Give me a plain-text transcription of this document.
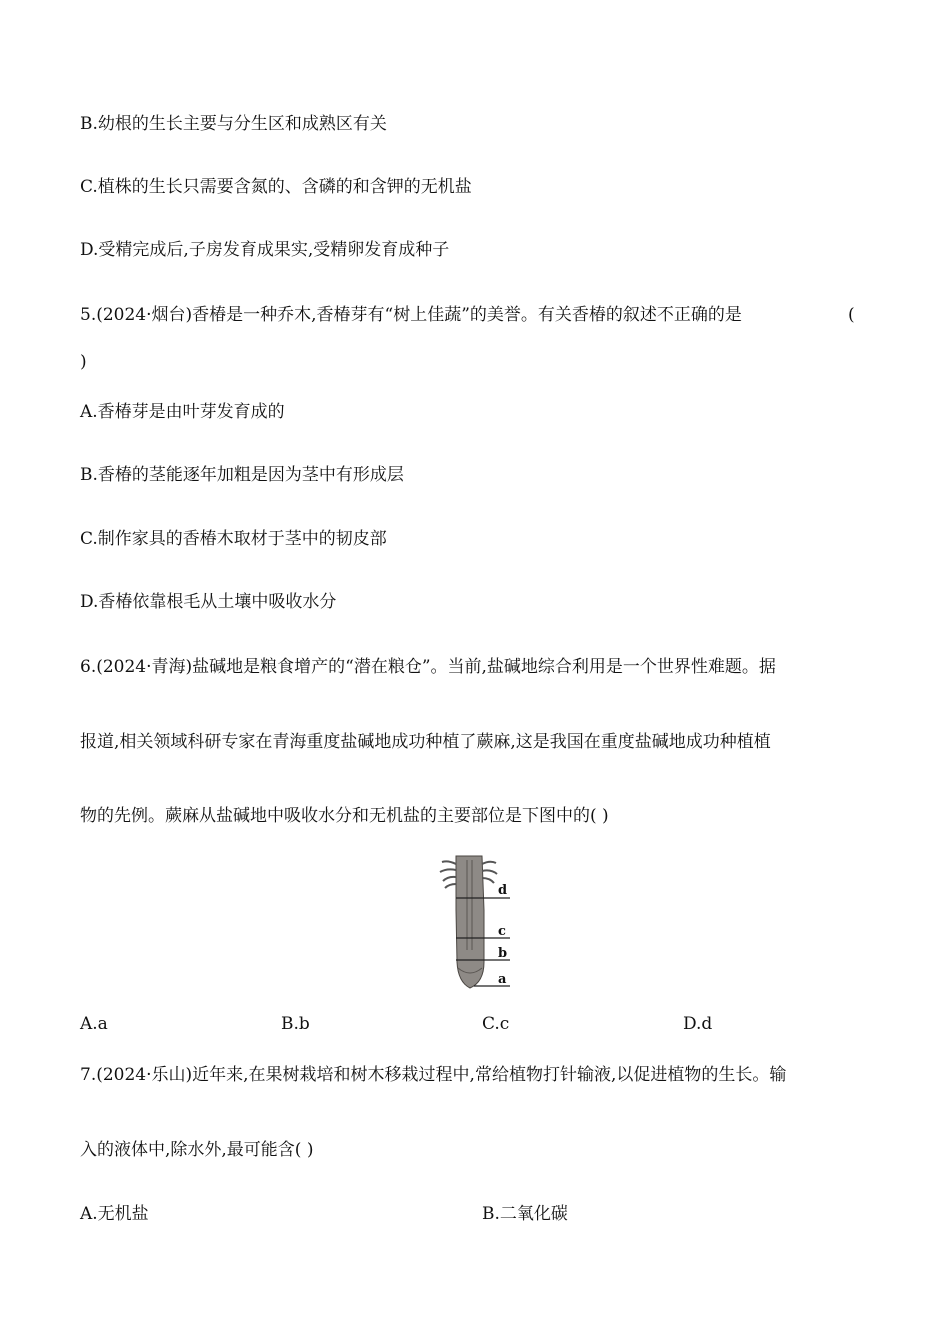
B.幼根的生长主要与分生区和成熟区有关
C.植株的生长只需要含氮的、含磷的和含钾的无机盐
D.受精完成后,子房发育成果实,受精卵发育成种子
5.(2024·烟台)香椿是一种乔木,香椿芽有“树上佳蔬”的美誉。有关香椿的叙述不正确的是	(
)
A.香椿芽是由叶芽发育成的
B.香椿的茎能逐年加粗是因为茎中有形成层
C.制作家具的香椿木取材于茎中的韧皮部
D.香椿依靠根毛从土壤中吸收水分
6.(2024·青海)盐碱地是粮食增产的“潜在粮仓”。当前,盐碱地综合利用是一个世界性难题。据
报道,相关领域科研专家在青海重度盐碱地成功种植了蕨麻,这是我国在重度盐碱地成功种植植
物的先例。蕨麻从盐碱地中吸收水分和无机盐的主要部位是下图中的( )
d
c
b
a
A.a	B.b	C.c	D.d
7.(2024·乐山)近年来,在果树栽培和树木移栽过程中,常给植物打针输液,以促进植物的生长。输
入的液体中,除水外,最可能含( )
A.无机盐	B.二氧化碳
